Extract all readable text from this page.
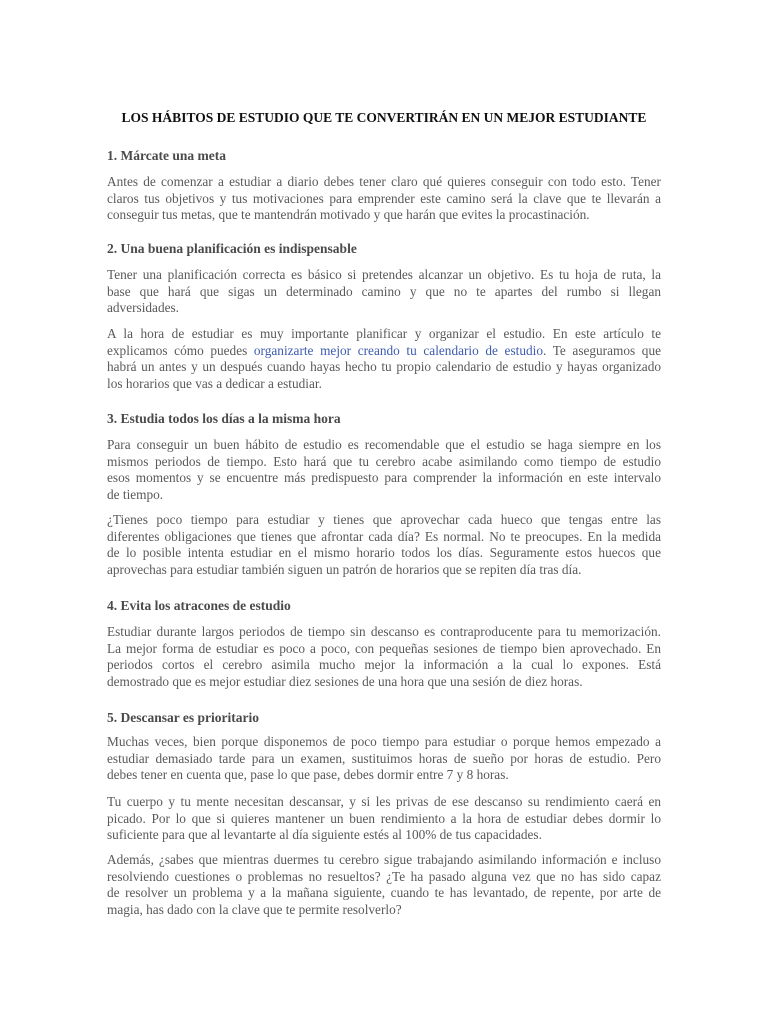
LOS HÁBITOS DE ESTUDIO QUE TE CONVERTIRÁN EN UN MEJOR ESTUDIANTE
1. Márcate una meta
Antes de comenzar a estudiar a diario debes tener claro qué quieres conseguir con todo esto. Tener
claros tus objetivos y tus motivaciones para emprender este camino será la clave que te llevarán a
conseguir tus metas, que te mantendrán motivado y que harán que evites la procastinación.
2. Una buena planificación es indispensable
Tener una planificación correcta es básico si pretendes alcanzar un objetivo. Es tu hoja de ruta, la
base que hará que sigas un determinado camino y que no te apartes del rumbo si llegan
adversidades.
A la hora de estudiar es muy importante planificar y organizar el estudio. En este artículo te
explicamos cómo puedes organizarte mejor creando tu calendario de estudio. Te aseguramos que
habrá un antes y un después cuando hayas hecho tu propio calendario de estudio y hayas organizado
los horarios que vas a dedicar a estudiar.
3. Estudia todos los días a la misma hora
Para conseguir un buen hábito de estudio es recomendable que el estudio se haga siempre en los
mismos periodos de tiempo. Esto hará que tu cerebro acabe asimilando como tiempo de estudio
esos momentos y se encuentre más predispuesto para comprender la información en este intervalo
de tiempo.
¿Tienes poco tiempo para estudiar y tienes que aprovechar cada hueco que tengas entre las
diferentes obligaciones que tienes que afrontar cada día? Es normal. No te preocupes. En la medida
de lo posible intenta estudiar en el mismo horario todos los días. Seguramente estos huecos que
aprovechas para estudiar también siguen un patrón de horarios que se repiten día tras día.
4. Evita los atracones de estudio
Estudiar durante largos periodos de tiempo sin descanso es contraproducente para tu memorización.
La mejor forma de estudiar es poco a poco, con pequeñas sesiones de tiempo bien aprovechado. En
periodos cortos el cerebro asimila mucho mejor la información a la cual lo expones. Está
demostrado que es mejor estudiar diez sesiones de una hora que una sesión de diez horas.
5. Descansar es prioritario
Muchas veces, bien porque disponemos de poco tiempo para estudiar o porque hemos empezado a
estudiar demasiado tarde para un examen, sustituimos horas de sueño por horas de estudio. Pero
debes tener en cuenta que, pase lo que pase, debes dormir entre 7 y 8 horas.
Tu cuerpo y tu mente necesitan descansar, y si les privas de ese descanso su rendimiento caerá en
picado. Por lo que si quieres mantener un buen rendimiento a la hora de estudiar debes dormir lo
suficiente para que al levantarte al día siguiente estés al 100% de tus capacidades.
Además, ¿sabes que mientras duermes tu cerebro sigue trabajando asimilando información e incluso
resolviendo cuestiones o problemas no resueltos? ¿Te ha pasado alguna vez que no has sido capaz
de resolver un problema y a la mañana siguiente, cuando te has levantado, de repente, por arte de
magia, has dado con la clave que te permite resolverlo?
